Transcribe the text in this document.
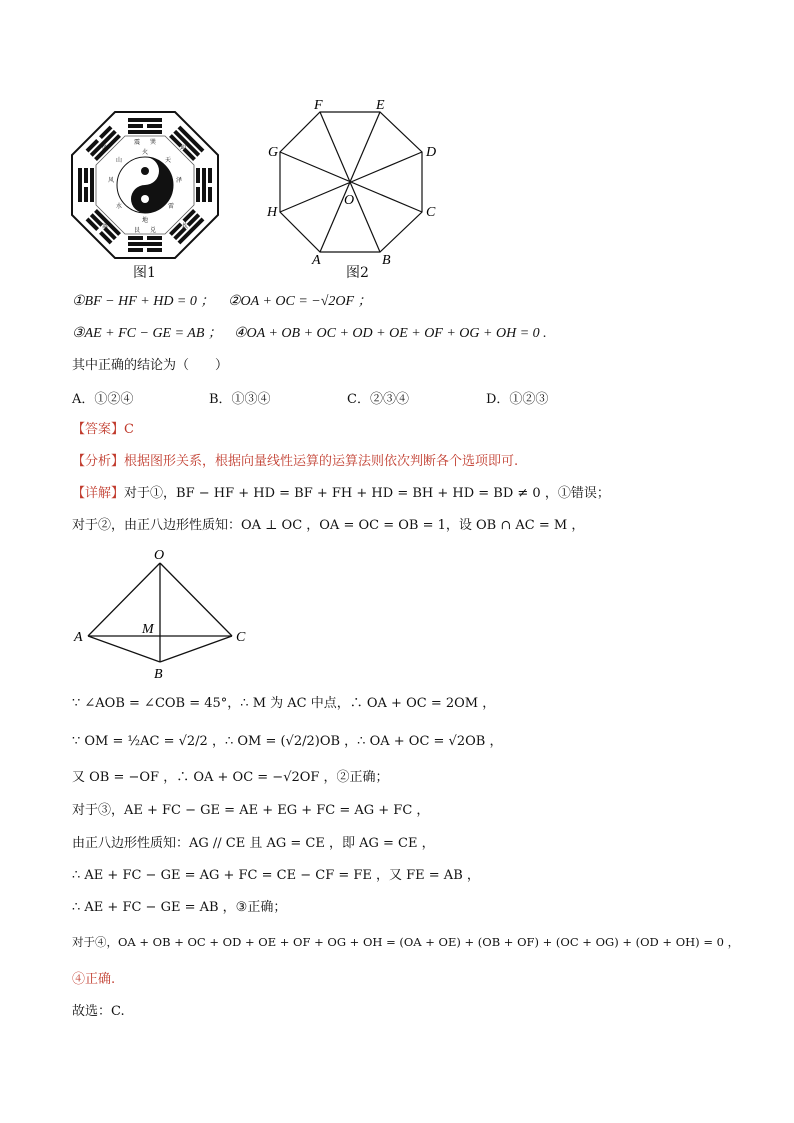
火
天
泽
雷
地
水
风
山
乾	坤
离	坎
震 巽
艮 兑
图1
A	B
C
D
E
F
G
H
O
图2
①BF − HF + HD = 0 ； ②OA + OC = −√2OF ；
③AE + FC − GE = AB ； ④OA + OB + OC + OD + OE + OF + OG + OH = 0 .
其中正确的结论为（　　）
A．①②④	B．①③④	C．②③④	D．①②③
【答案】C
【分析】根据图形关系，根据向量线性运算的运算法则依次判断各个选项即可.
【详解】对于①，BF − HF + HD = BF + FH + HD = BH + HD = BD ≠ 0 ，①错误；
对于②，由正八边形性质知：OA ⊥ OC ，OA = OC = OB = 1，设 OB ∩ AC = M ，
O
A
M
C
B
∵ ∠AOB = ∠COB = 45°，∴ M 为 AC 中点，∴ OA + OC = 2OM ，
∵ OM = ½AC = √2/2 ，∴ OM = (√2/2)OB ，∴ OA + OC = √2OB ，
又 OB = −OF ，∴ OA + OC = −√2OF ，②正确；
对于③，AE + FC − GE = AE + EG + FC = AG + FC ，
由正八边形性质知：AG // CE 且 AG = CE ，即 AG = CE ，
∴ AE + FC − GE = AG + FC = CE − CF = FE ，又 FE = AB ，
∴ AE + FC − GE = AB ，③正确；
对于④，OA + OB + OC + OD + OE + OF + OG + OH = (OA + OE) + (OB + OF) + (OC + OG) + (OD + OH) = 0 ，
④正确.
故选：C.
